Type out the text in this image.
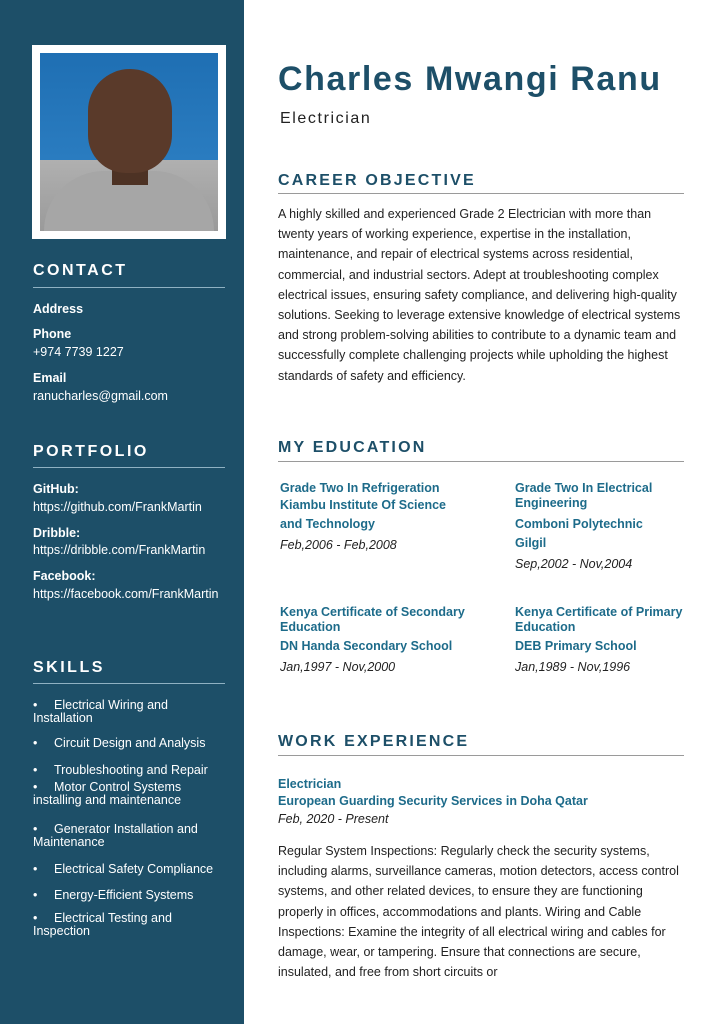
CONTACT
Address
Phone
+974 7739 1227
Email
ranucharles@gmail.com
PORTFOLIO
GitHub:
https://github.com/FrankMartin
Dribble:
https://dribble.com/FrankMartin
Facebook:
https://facebook.com/FrankMartin
SKILLS
• Electrical Wiring and Installation
• Circuit Design and Analysis
• Troubleshooting and Repair
• Motor Control Systems installing and maintenance
• Generator Installation and Maintenance
• Electrical Safety Compliance
• Energy-Efficient Systems
• Electrical Testing and Inspection
Charles Mwangi Ranu
Electrician
CAREER OBJECTIVE

A highly skilled and experienced Grade 2 Electrician with more than twenty years of working experience, expertise in the installation, maintenance, and repair of electrical systems across residential, commercial, and industrial sectors. Adept at troubleshooting complex electrical issues, ensuring safety compliance, and delivering high-quality solutions. Seeking to leverage extensive knowledge of electrical systems and strong problem-solving abilities to contribute to a dynamic team and successfully complete challenging projects while upholding the highest standards of safety and efficiency.

MY EDUCATION
Grade Two In Refrigeration
Kiambu Institute Of Science and Technology
Feb,2006 - Feb,2008
Grade Two In Electrical Engineering
Comboni Polytechnic Gilgil
Sep,2002 - Nov,2004
Kenya Certificate of Secondary Education
DN Handa Secondary School
Jan,1997 - Nov,2000
Kenya Certificate of Primary Education
DEB Primary School
Jan,1989 - Nov,1996
WORK EXPERIENCE
Electrician
European Guarding Security Services in Doha Qatar
Feb, 2020 - Present

Regular System Inspections: Regularly check the security systems, including alarms, surveillance cameras, motion detectors, access control systems, and other related devices, to ensure they are functioning properly in offices, accommodations and plants. Wiring and Cable Inspections: Examine the integrity of all electrical wiring and cables for damage, wear, or tampering. Ensure that connections are secure, insulated, and free from short circuits or
